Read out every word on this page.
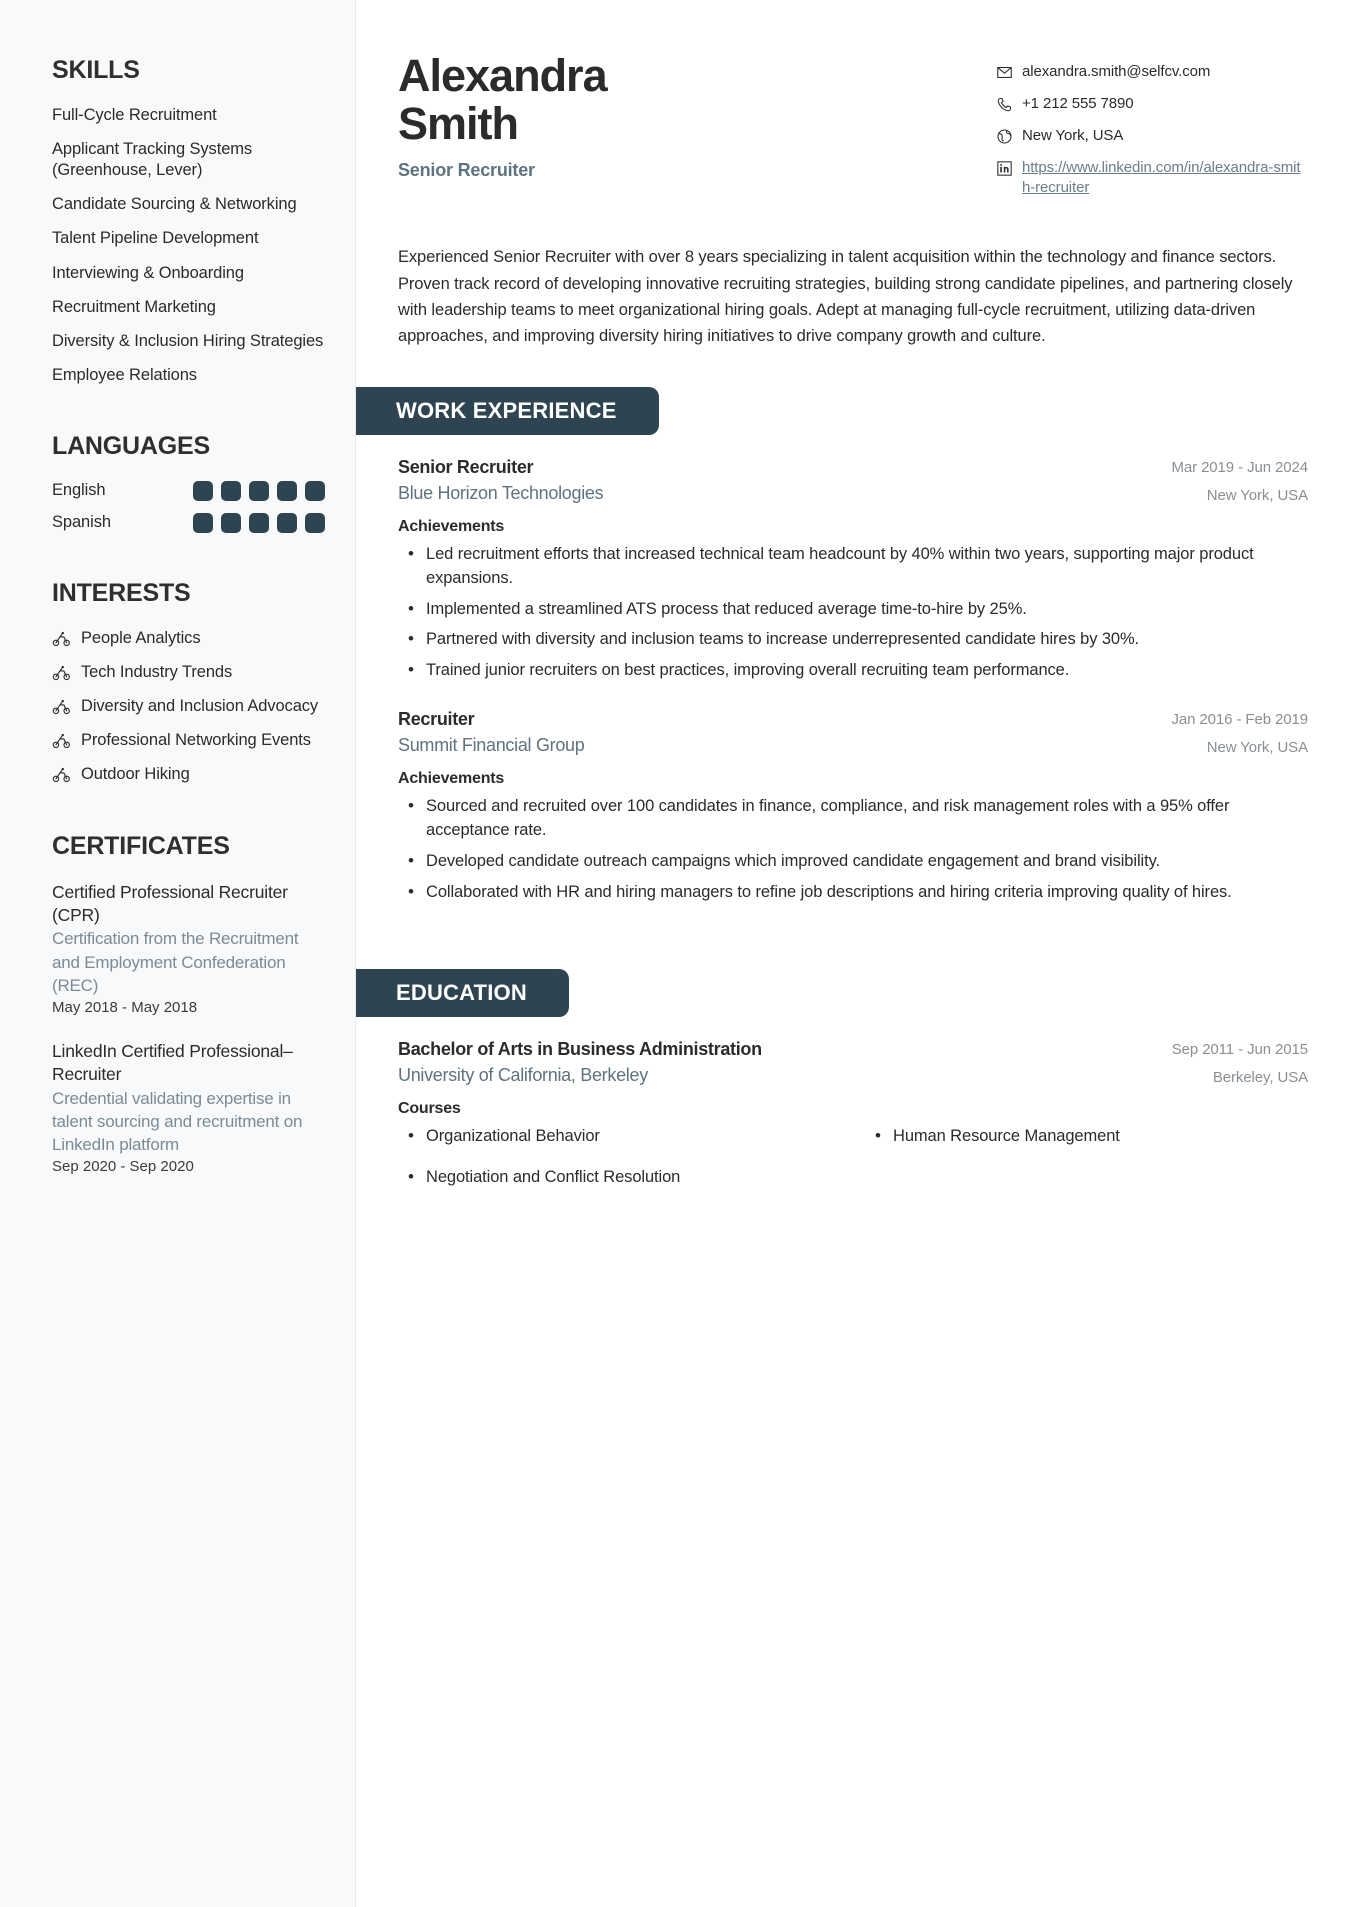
SKILLS
Full-Cycle Recruitment
Applicant Tracking Systems (Greenhouse, Lever)
Candidate Sourcing & Networking
Talent Pipeline Development
Interviewing & Onboarding
Recruitment Marketing
Diversity & Inclusion Hiring Strategies
Employee Relations
LANGUAGES
English
Spanish
INTERESTS
People Analytics
Tech Industry Trends
Diversity and Inclusion Advocacy
Professional Networking Events
Outdoor Hiking
CERTIFICATES
Certified Professional Recruiter (CPR)
Certification from the Recruitment and Employment Confederation (REC)
May 2018 - May 2018
LinkedIn Certified Professional–Recruiter
Credential validating expertise in talent sourcing and recruitment on LinkedIn platform
Sep 2020 - Sep 2020
Alexandra Smith
Senior Recruiter
alexandra.smith@selfcv.com
+1 212 555 7890
New York, USA
https://www.linkedin.com/in/alexandra-smith-recruiter

Experienced Senior Recruiter with over 8 years specializing in talent acquisition within the technology and finance sectors. Proven track record of developing innovative recruiting strategies, building strong candidate pipelines, and partnering closely with leadership teams to meet organizational hiring goals. Adept at managing full-cycle recruitment, utilizing data-driven approaches, and improving diversity hiring initiatives to drive company growth and culture.

WORK EXPERIENCE
Senior Recruiter
Blue Horizon Technologies
Mar 2019 - Jun 2024
New York, USA
Achievements
• Led recruitment efforts that increased technical team headcount by 40% within two years, supporting major product expansions.
• Implemented a streamlined ATS process that reduced average time-to-hire by 25%.
• Partnered with diversity and inclusion teams to increase underrepresented candidate hires by 30%.
• Trained junior recruiters on best practices, improving overall recruiting team performance.
Recruiter
Summit Financial Group
Jan 2016 - Feb 2019
New York, USA
Achievements
• Sourced and recruited over 100 candidates in finance, compliance, and risk management roles with a 95% offer acceptance rate.
• Developed candidate outreach campaigns which improved candidate engagement and brand visibility.
• Collaborated with HR and hiring managers to refine job descriptions and hiring criteria improving quality of hires.
EDUCATION
Bachelor of Arts in Business Administration
University of California, Berkeley
Sep 2011 - Jun 2015
Berkeley, USA
Courses
• Organizational Behavior
• Negotiation and Conflict Resolution
• Human Resource Management
